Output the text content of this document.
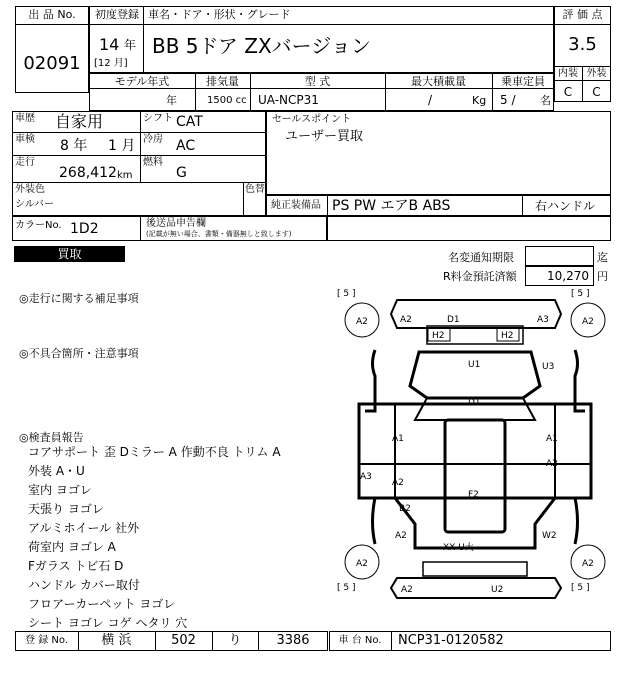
出 品 No.
02091
初度登録 車名・ドア・形状・グレード
14 年
[12 月]
BB 5ドア ZXバージョン
評 価 点
3.5
内装 外装
C	C
モデル年式	排気量	型 式	最大積載量	乗車定員
年	1500 cc UA-NCP31	/	Kg 5 / 名
車歴 自家用	シフト CAT
車検 8 年 1 月 冷房 AC
走行
268,412 km
燃料
G
外装色
シルバー
色替
セールスポイント
ユーザー買取
純正装備品 PS PW エアB ABS	右ハンドル
カラーNo. 1D2	後送品申告欄
(記載が無い場合、書類・備器無しと致します)
買取	名変通知期限	迄
R料金預託済額	10,270 円
◎走行に関する補足事項
◎不具合箇所・注意事項
◎検査員報告
コアサポート 歪 Dミラー A 作動不良 トリム A
外装 A・U
室内 ヨゴレ
天張り ヨゴレ
アルミホイール 社外
荷室内 ヨゴレ A
Fガラス トビ石 D
ハンドル カバー取付
フロアーカーペット ヨゴレ
シート ヨゴレ コゲ ヘタリ 穴
[ 5 ]	[ 5 ]
[ 5 ]	[ 5 ]
A2	A2
A2	A2
A2	D1	A3
H2	H2
U1	U3
D1
A1	A1
A2
A3
A2
F2
B2
A2	W2
XX U大
A2	U2
登 録 No.	横 浜	502	り	3386	車 台 No.	NCP31-0120582
